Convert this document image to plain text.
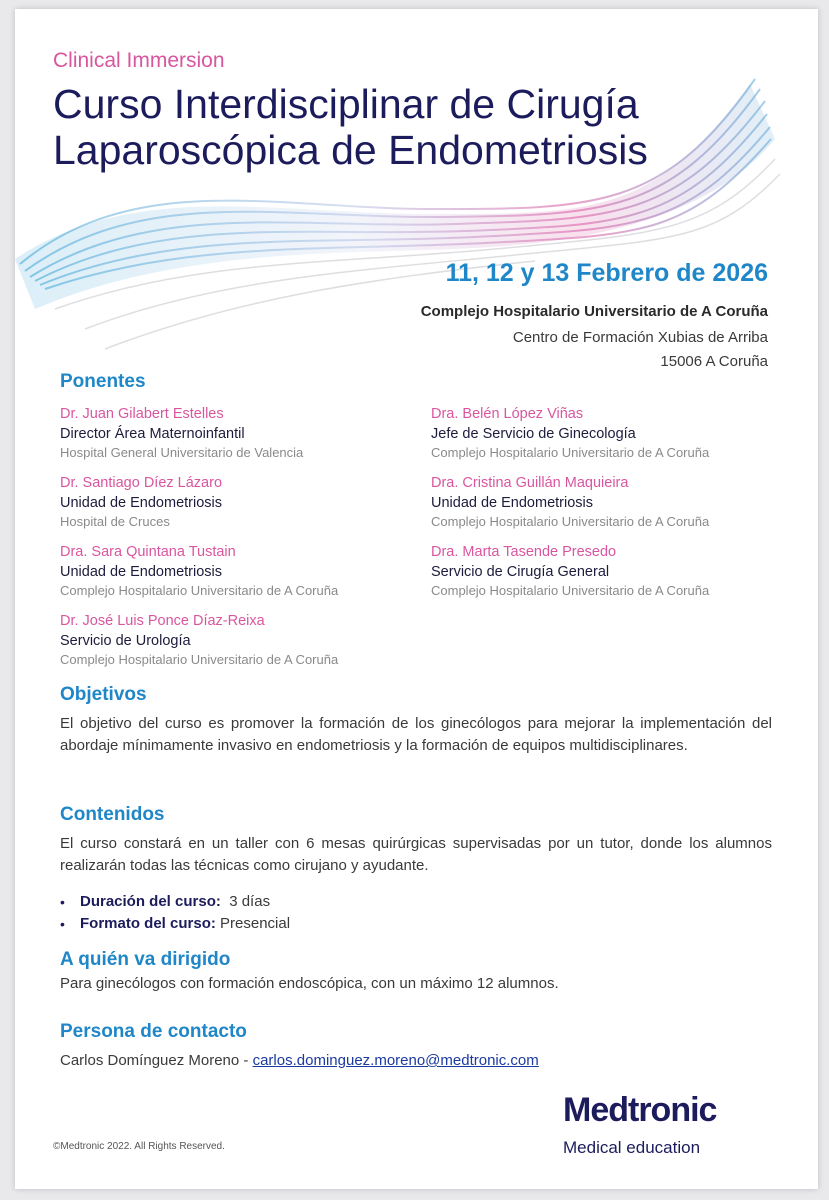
Clinical Immersion
Curso Interdisciplinar de Cirugía
Laparoscópica de Endometriosis
11, 12 y 13 Febrero de 2026
Complejo Hospitalario Universitario de A Coruña
Centro de Formación Xubias de Arriba
15006 A Coruña
Ponentes
Dr. Juan Gilabert Estelles
Director Área Maternoinfantil
Hospital General Universitario de Valencia
Dr. Santiago Díez Lázaro
Unidad de Endometriosis
Hospital de Cruces
Dra. Sara Quintana Tustain
Unidad de Endometriosis
Complejo Hospitalario Universitario de A Coruña
Dr. José Luis Ponce Díaz-Reixa
Servicio de Urología
Complejo Hospitalario Universitario de A Coruña
Dra. Belén López Viñas
Jefe de Servicio de Ginecología
Complejo Hospitalario Universitario de A Coruña
Dra. Cristina Guillán Maquieira
Unidad de Endometriosis
Complejo Hospitalario Universitario de A Coruña
Dra. Marta Tasende Presedo
Servicio de Cirugía General
Complejo Hospitalario Universitario de A Coruña
Objetivos
El objetivo del curso es promover la formación de los ginecólogos para mejorar la implementación del abordaje mínimamente invasivo en endometriosis y la formación de equipos multidisciplinares.
Contenidos
El curso constará en un taller con 6 mesas quirúrgicas supervisadas por un tutor, donde los alumnos realizarán todas las técnicas como cirujano y ayudante.
•	Duración del curso:
3 días
•	Formato del curso:
Presencial
A quién va dirigido
Para ginecólogos con formación endoscópica, con un máximo 12 alumnos.
Persona de contacto
Carlos Domínguez Moreno - carlos.dominguez.moreno@medtronic.com
©Medtronic 2022. All Rights Reserved.
Medtronic
Medical education
